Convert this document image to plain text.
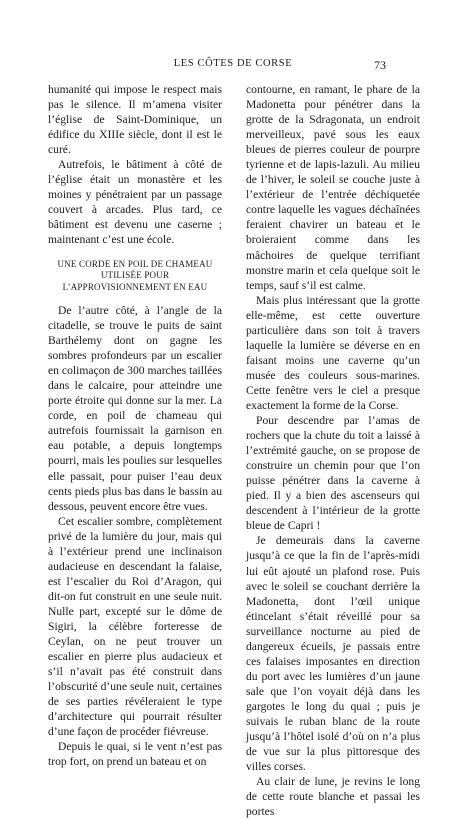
LES CÔTES DE CORSE	73

humanité qui impose le respect mais pas le silence. Il m’amena visiter l’église de Saint-Dominique, un édifice du XIIIe siècle, dont il est le curé.

Autrefois, le bâtiment à côté de l’église était un monastère et les moines y pénétraient par un passage couvert à arcades. Plus tard, ce bâtiment est devenu une caserne ; maintenant c’est une école.

UNE CORDE EN POIL DE CHAMEAU
UTILISÉE POUR
L’APPROVISIONNEMENT EN EAU

De l’autre côté, à l’angle de la citadelle, se trouve le puits de saint Barthélemy dont on gagne les sombres profondeurs par un escalier en colimaçon de 300 marches taillées dans le calcaire, pour atteindre une porte étroite qui donne sur la mer. La corde, en poil de chameau qui autrefois fournissait la garnison en eau potable, a depuis longtemps pourri, mais les poulies sur lesquelles elle passait, pour puiser l’eau deux cents pieds plus bas dans le bassin au dessous, peuvent encore être vues.

Cet escalier sombre, complètement privé de la lumière du jour, mais qui à l’extérieur prend une inclinaison audacieuse en descendant la falaise, est l’escalier du Roi d’Aragon, qui dit-on fut construit en une seule nuit. Nulle part, excepté sur le dôme de Sigiri, la célèbre forteresse de Ceylan, on ne peut trouver un escalier en pierre plus audacieux et s’il n’avait pas été construit dans l’obscurité d’une seule nuit, certaines de ses parties révéleraient le type d’architecture qui pourrait résulter d’une façon de procéder fiévreuse.

Depuis le quai, si le vent n’est pas trop fort, on prend un bateau et on

contourne, en ramant, le phare de la Madonetta pour pénétrer dans la grotte de la Sdragonata, un endroit merveilleux, pavé sous les eaux bleues de pierres couleur de pourpre tyrienne et de lapis-lazuli. Au milieu de l’hiver, le soleil se couche juste à l’extérieur de l’entrée déchiquetée contre laquelle les vagues déchaînées feraient chavirer un bateau et le broieraient comme dans les mâchoires de quelque terrifiant monstre marin et cela quelque soit le temps, sauf s’il est calme.

Mais plus intéressant que la grotte elle-même, est cette ouverture particulière dans son toit à travers laquelle la lumière se déverse en en faisant moins une caverne qu’un musée des couleurs sous-marines. Cette fenêtre vers le ciel a presque exactement la forme de la Corse.

Pour descendre par l’amas de rochers que la chute du toit a laissé à l’extrémité gauche, on se propose de construire un chemin pour que l’on puisse pénétrer dans la caverne à pied. Il y a bien des ascenseurs qui descendent à l’intérieur de la grotte bleue de Capri !

Je demeurais dans la caverne jusqu’à ce que la fin de l’après-midi lui eût ajouté un plafond rose. Puis avec le soleil se couchant derrière la Madonetta, dont l’œil unique étincelant s’était réveillé pour sa surveillance nocturne au pied de dangereux écueils, je passais entre ces falaises imposantes en direction du port avec les lumières d’un jaune sale que l’on voyait déjà dans les gargotes le long du quai ; puis je suivais le ruban blanc de la route jusqu’à l’hôtel isolé d’où on n’a plus de vue sur la plus pittoresque des villes corses.

Au clair de lune, je revins le long de cette route blanche et passai les portes
